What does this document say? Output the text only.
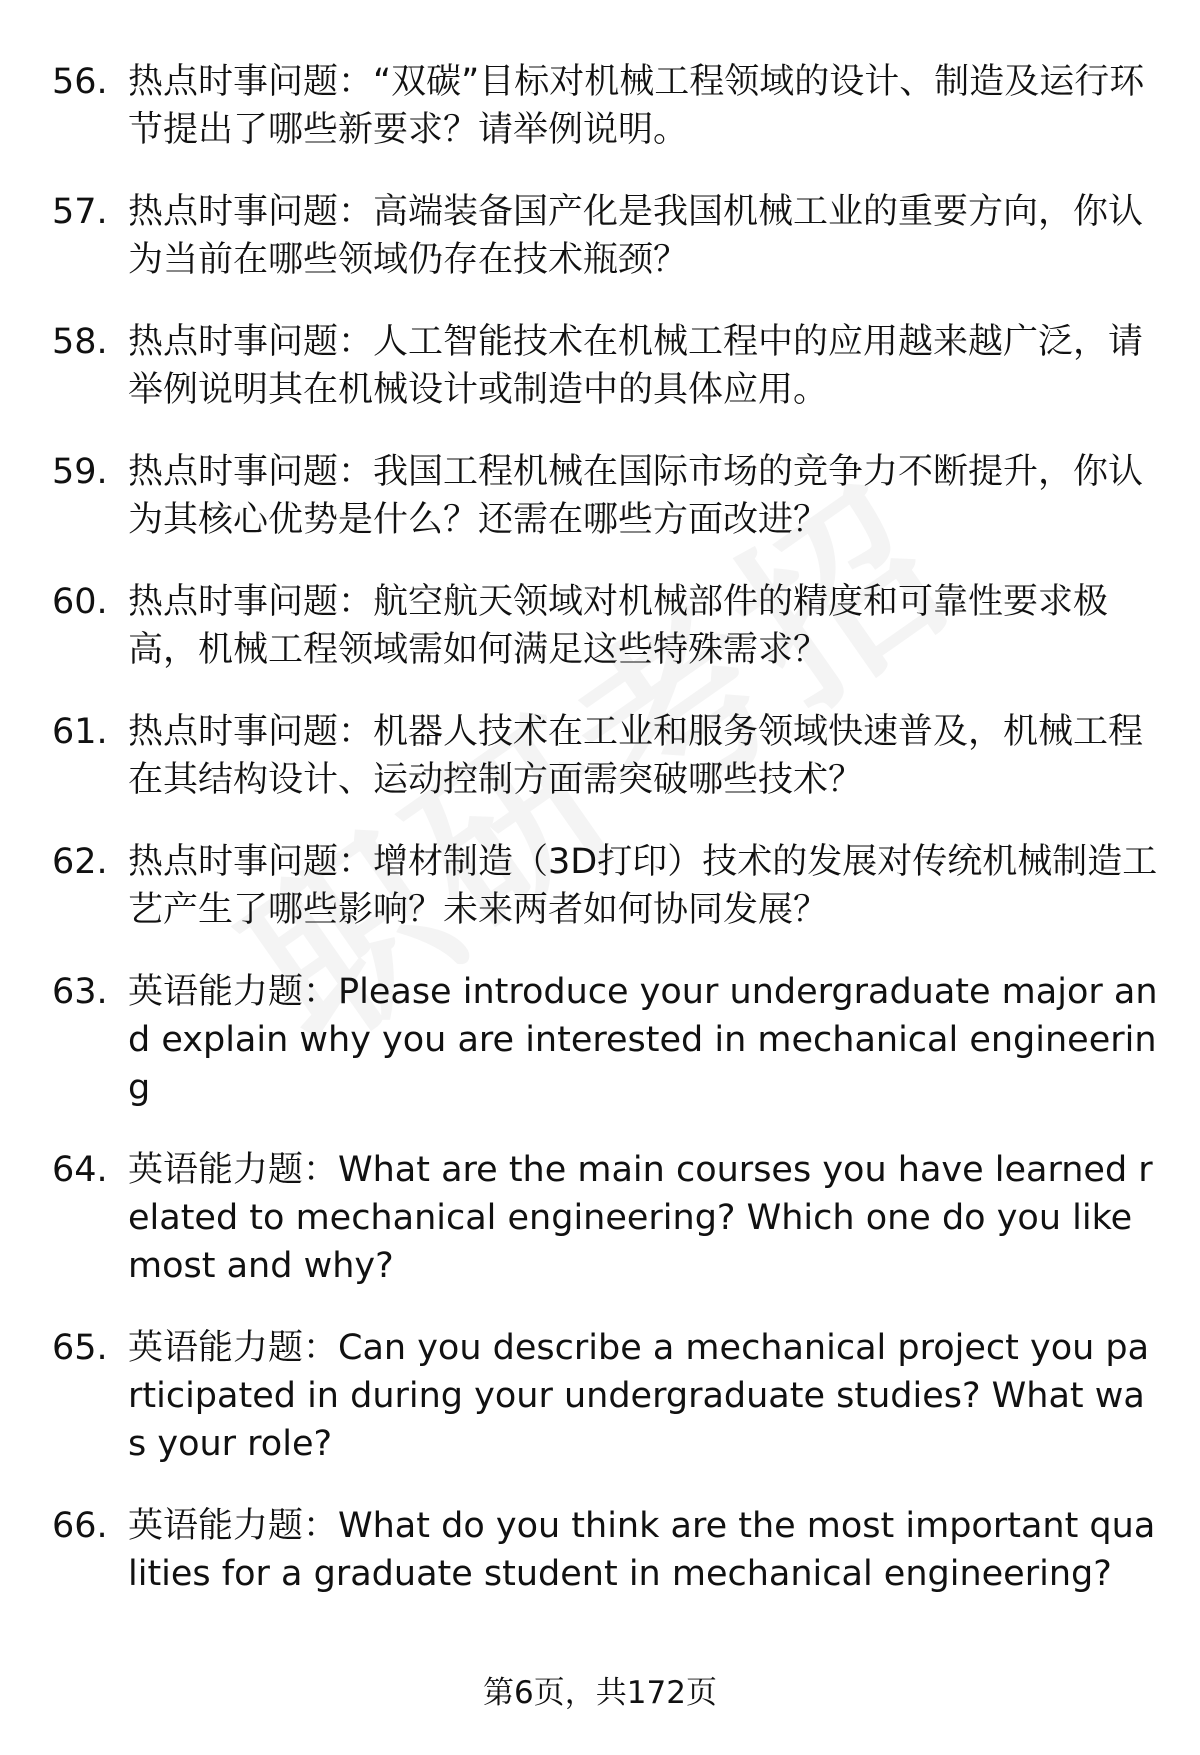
56. 热点时事问题：“双碳”目标对机械工程领域的设计、制造及运行环节提出了哪些新要求？请举例说明。
57. 热点时事问题：高端装备国产化是我国机械工业的重要方向，你认为当前在哪些领域仍存在技术瓶颈？
58. 热点时事问题：人工智能技术在机械工程中的应用越来越广泛，请举例说明其在机械设计或制造中的具体应用。
59. 热点时事问题：我国工程机械在国际市场的竞争力不断提升，你认为其核心优势是什么？还需在哪些方面改进？
60. 热点时事问题：航空航天领域对机械部件的精度和可靠性要求极高，机械工程领域需如何满足这些特殊需求？
61. 热点时事问题：机器人技术在工业和服务领域快速普及，机械工程在其结构设计、运动控制方面需突破哪些技术？
62. 热点时事问题：增材制造（3D打印）技术的发展对传统机械制造工艺产生了哪些影响？未来两者如何协同发展？
63. 英语能力题：Please introduce your undergraduate major and explain why you are interested in mechanical engineering
64. 英语能力题：What are the main courses you have learned related to mechanical engineering? Which one do you like most and why?
65. 英语能力题：Can you describe a mechanical project you participated in during your undergraduate studies? What was your role?
66. 英语能力题：What do you think are the most important qualities for a graduate student in mechanical engineering?
第6页，共172页
